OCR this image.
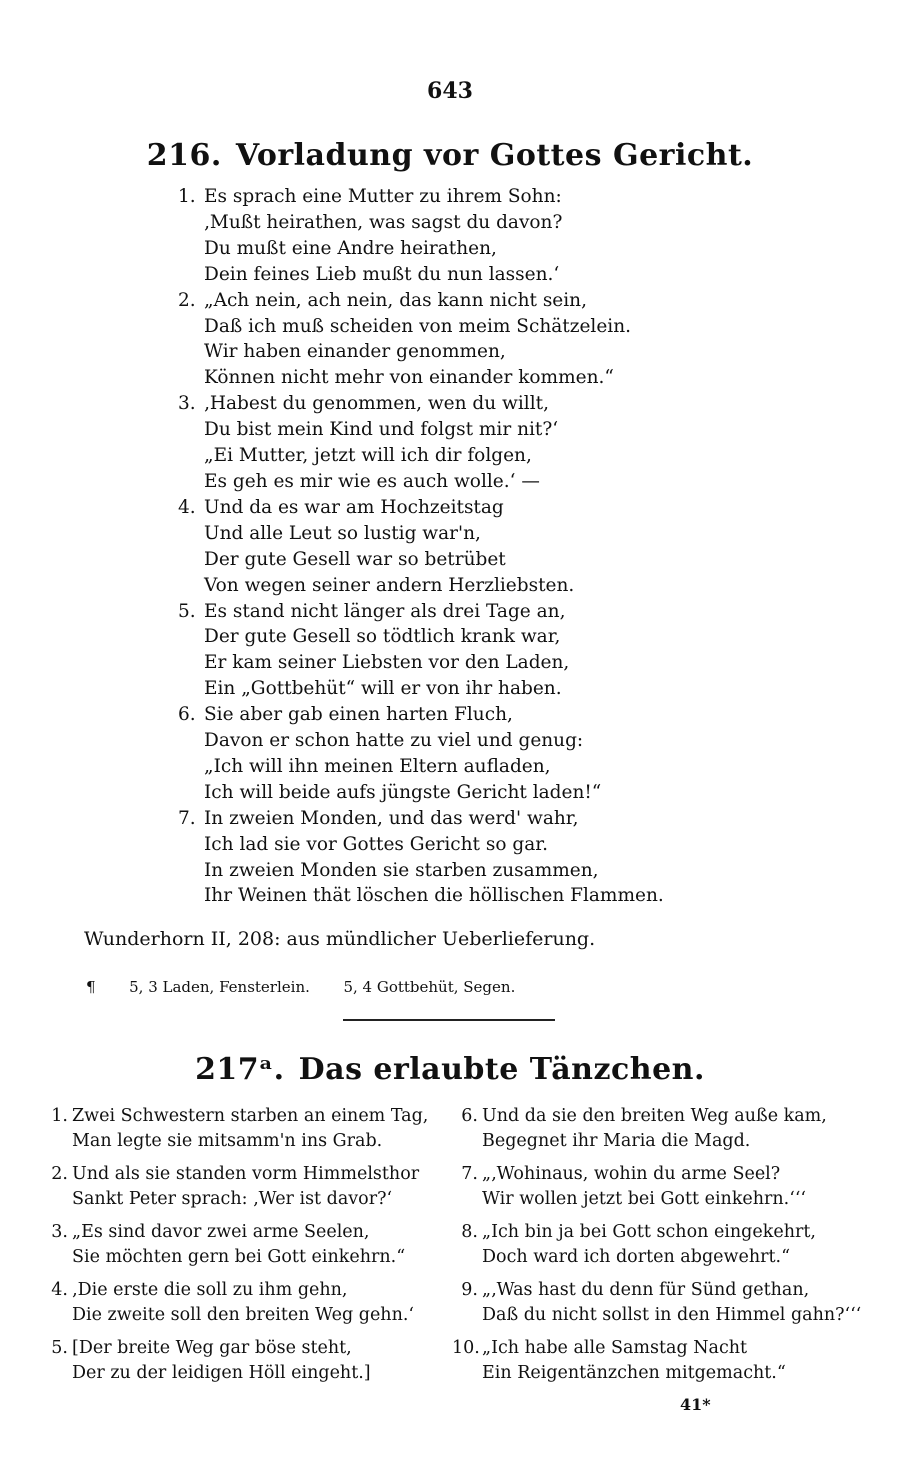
643
216. Vorladung vor Gottes Gericht.
1. Es sprach eine Mutter zu ihrem Sohn:
‚Mußt heirathen, was sagst du davon?
Du mußt eine Andre heirathen,
Dein feines Lieb mußt du nun lassen.‘
2. „Ach nein, ach nein, das kann nicht sein,
Daß ich muß scheiden von meim Schätzelein.
Wir haben einander genommen,
Können nicht mehr von einander kommen.“
3. ‚Habest du genommen, wen du willt,
Du bist mein Kind und folgst mir nit?‘
„Ei Mutter, jetzt will ich dir folgen,
Es geh es mir wie es auch wolle.‘ —
4. Und da es war am Hochzeitstag
Und alle Leut so lustig war'n,
Der gute Gesell war so betrübet
Von wegen seiner andern Herzliebsten.
5. Es stand nicht länger als drei Tage an,
Der gute Gesell so tödtlich krank war,
Er kam seiner Liebsten vor den Laden,
Ein „Gottbehüt“ will er von ihr haben.
6. Sie aber gab einen harten Fluch,
Davon er schon hatte zu viel und genug:
„Ich will ihn meinen Eltern aufladen,
Ich will beide aufs jüngste Gericht laden!“
7. In zweien Monden, und das werd' wahr,
Ich lad sie vor Gottes Gericht so gar.
In zweien Monden sie starben zusammen,
Ihr Weinen thät löschen die höllischen Flammen.
Wunderhorn II, 208: aus mündlicher Ueberlieferung.
¶ 5, 3 Laden, Fensterlein. 5, 4 Gottbehüt, Segen.
217ᵃ. Das erlaubte Tänzchen.
1. Zwei Schwestern starben an einem Tag,
Man legte sie mitsamm'n ins Grab.
2. Und als sie standen vorm Himmelsthor
Sankt Peter sprach: ‚Wer ist davor?‘
3. „Es sind davor zwei arme Seelen,
Sie möchten gern bei Gott einkehrn.“
4. ‚Die erste die soll zu ihm gehn,
Die zweite soll den breiten Weg gehn.‘
5. [Der breite Weg gar böse steht,
Der zu der leidigen Höll eingeht.]
6. Und da sie den breiten Weg auße kam,
Begegnet ihr Maria die Magd.
7. „‚Wohinaus, wohin du arme Seel?
Wir wollen jetzt bei Gott einkehrn.‘‘‘
8. „Ich bin ja bei Gott schon eingekehrt,
Doch ward ich dorten abgewehrt.“
9. „‚Was hast du denn für Sünd gethan,
Daß du nicht sollst in den Himmel gahn?‘‘‘
10. „Ich habe alle Samstag Nacht
Ein Reigentänzchen mitgemacht.“
41*
